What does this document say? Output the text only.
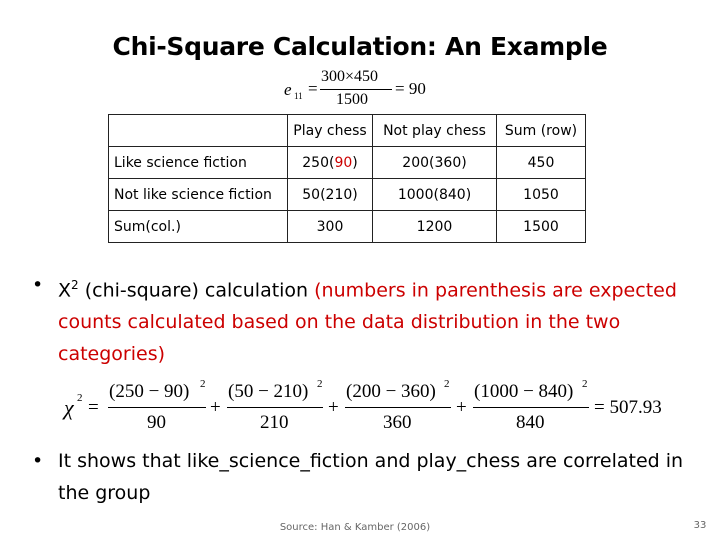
Chi-Square Calculation: An Example
e 11 =
300×450
1500
= 90
	Play chess	Not play chess	Sum (row)
Like science fiction	250(90)	200(360)	450
Not like science fiction	50(210)	1000(840)	1050
Sum(col.)	300	1200	1500
• $X^2$ (chi-square) calculation (numbers in parenthesis are expected counts calculated based on the data distribution in the two categories)
χ 2 =
(250 − 90) 2
90
+
(50 − 210) 2
210
+
(200 − 360) 2
360
+
(1000 − 840) 2
840
= 507.93
• It shows that like_science_fiction and play_chess are correlated in the group
Source: Han & Kamber (2006)	33
